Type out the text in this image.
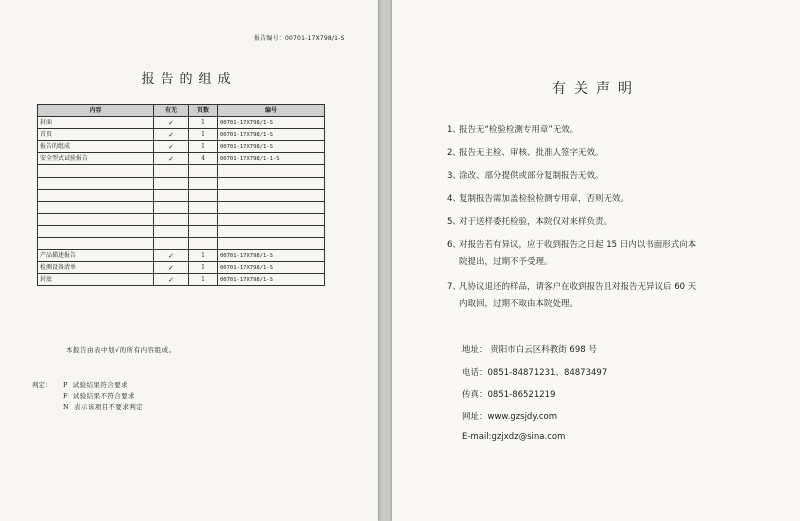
报告编号：00701-17X798/1-S
报告的组成
内容	有无	页数	编号
封面	✓	1	00701-17X798/1-S
首页	✓	1	00701-17X798/1-S
报告的组成	✓	1	00701-17X798/1-S
安全型式试验报告	✓	4	00701-17X798/1-1-S

产品描述报告	✓	1	00701-17X798/1-S
检测设备清单	✓	1	00701-17X798/1-S
封底	✓	1	00701-17X798/1-S
本报告由表中划√的所有内容组成。
判定： P 试验结果符合要求
F 试验结果不符合要求
N 表示该项目不要求判定
有关声明
1、报告无“检验检测专用章”无效。
2、报告无主检、审核、批准人签字无效。
3、涂改、部分提供或部分复制报告无效。
4、复制报告需加盖检验检测专用章，否则无效。
5、对于送样委托检验，本院仅对来样负责。
6、对报告若有异议，应于收到报告之日起 15 日内以书面形式向本
院提出，过期不予受理。
7、凡协议退还的样品，请客户在收到报告且对报告无异议后 60 天
内取回，过期不取由本院处理。
地址： 贵阳市白云区科教街 698 号
电话：0851-84871231、84873497
传真：0851-86521219
网址：www.gzsjdy.com
E-mail:gzjxdz@sina.com
